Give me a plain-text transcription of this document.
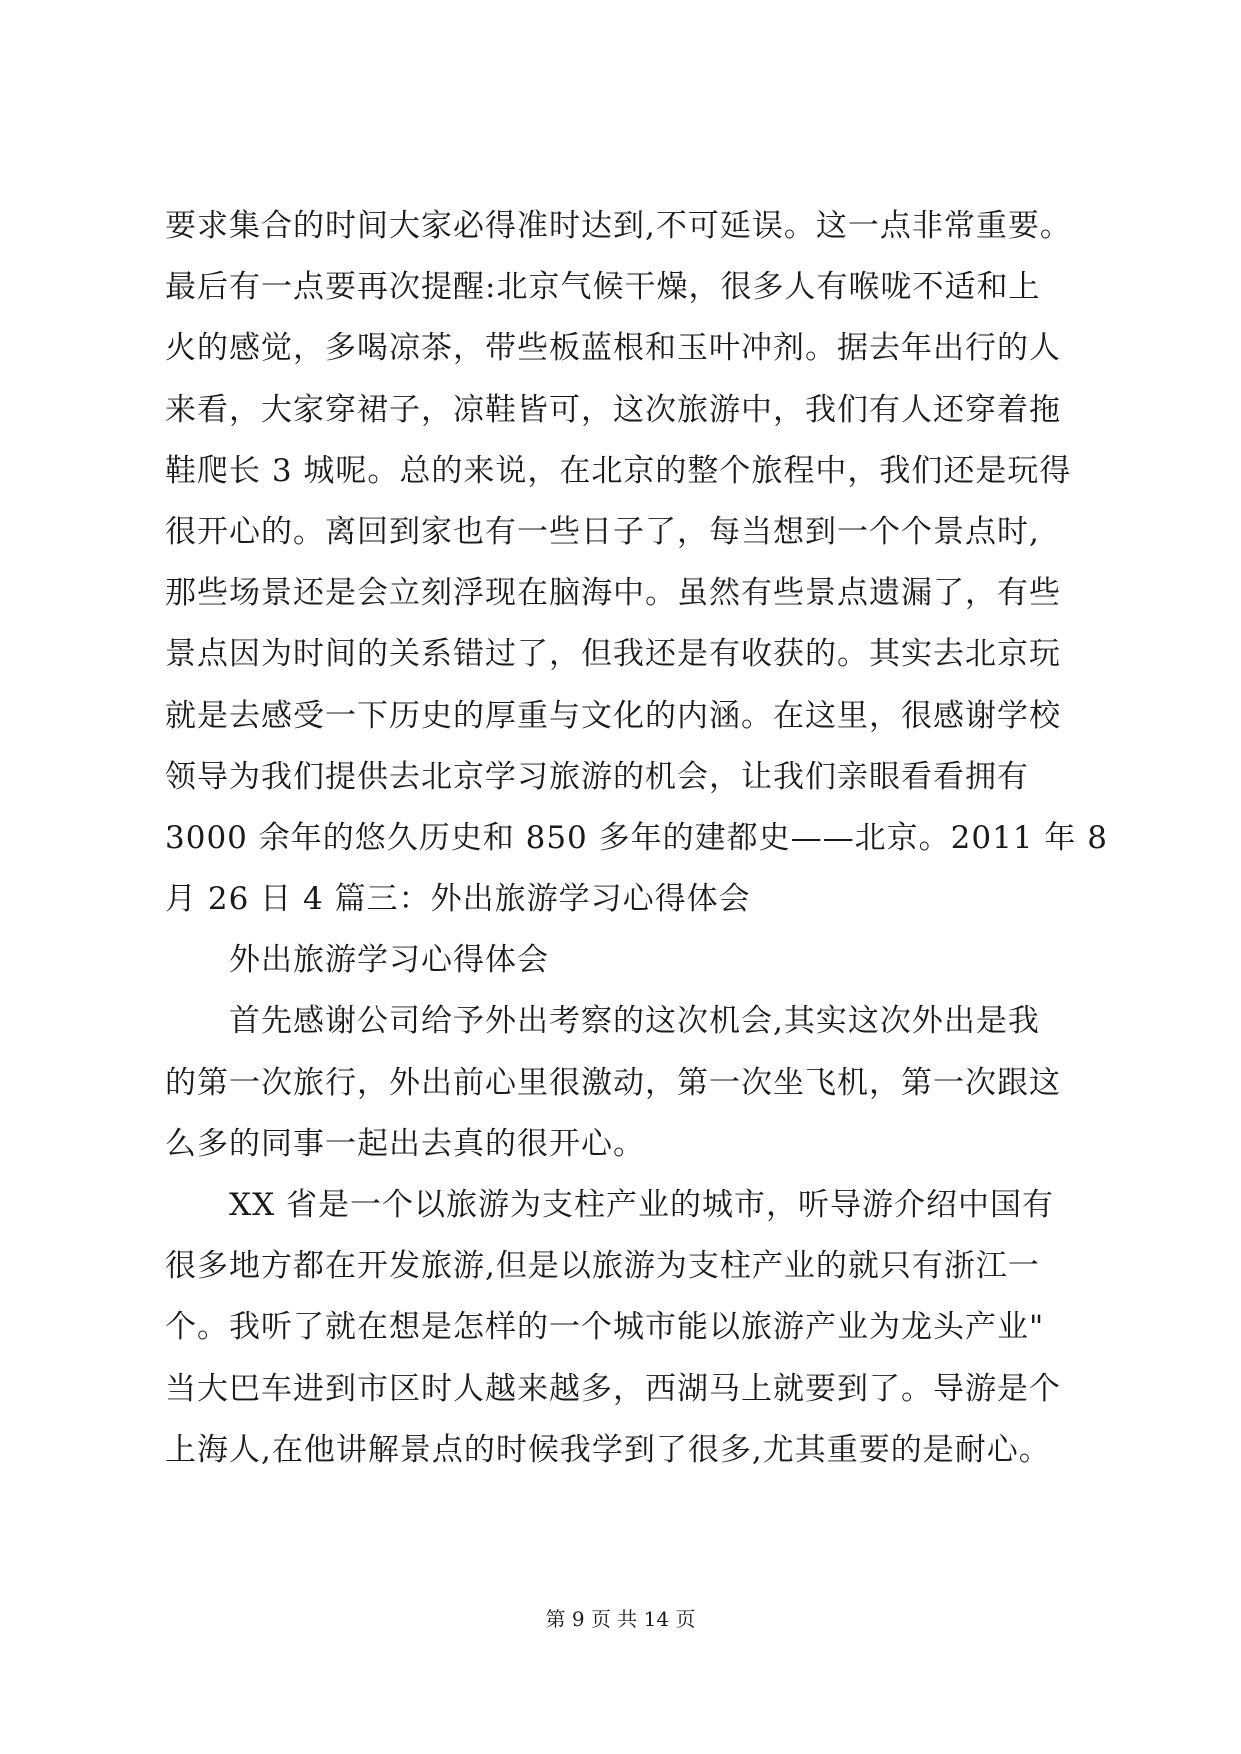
要求集合的时间大家必得准时达到,不可延误。这一点非常重要。
最后有一点要再次提醒:北京气候干燥，很多人有喉咙不适和上
火的感觉，多喝凉茶，带些板蓝根和玉叶冲剂。据去年出行的人
来看，大家穿裙子，凉鞋皆可，这次旅游中，我们有人还穿着拖
鞋爬长 3 城呢。总的来说，在北京的整个旅程中，我们还是玩得
很开心的。离回到家也有一些日子了，每当想到一个个景点时,
那些场景还是会立刻浮现在脑海中。虽然有些景点遗漏了，有些
景点因为时间的关系错过了，但我还是有收获的。其实去北京玩
就是去感受一下历史的厚重与文化的内涵。在这里，很感谢学校
领导为我们提供去北京学习旅游的机会，让我们亲眼看看拥有
3000 余年的悠久历史和 850 多年的建都史——北京。2011 年 8
月 26 日 4 篇三：外出旅游学习心得体会
外出旅游学习心得体会
首先感谢公司给予外出考察的这次机会,其实这次外出是我
的第一次旅行，外出前心里很激动，第一次坐飞机，第一次跟这
么多的同事一起出去真的很开心。
XX 省是一个以旅游为支柱产业的城市，听导游介绍中国有
很多地方都在开发旅游,但是以旅游为支柱产业的就只有浙江一
个。我听了就在想是怎样的一个城市能以旅游产业为龙头产业"
当大巴车进到市区时人越来越多，西湖马上就要到了。导游是个
上海人,在他讲解景点的时候我学到了很多,尤其重要的是耐心。
第 9 页 共 14 页
